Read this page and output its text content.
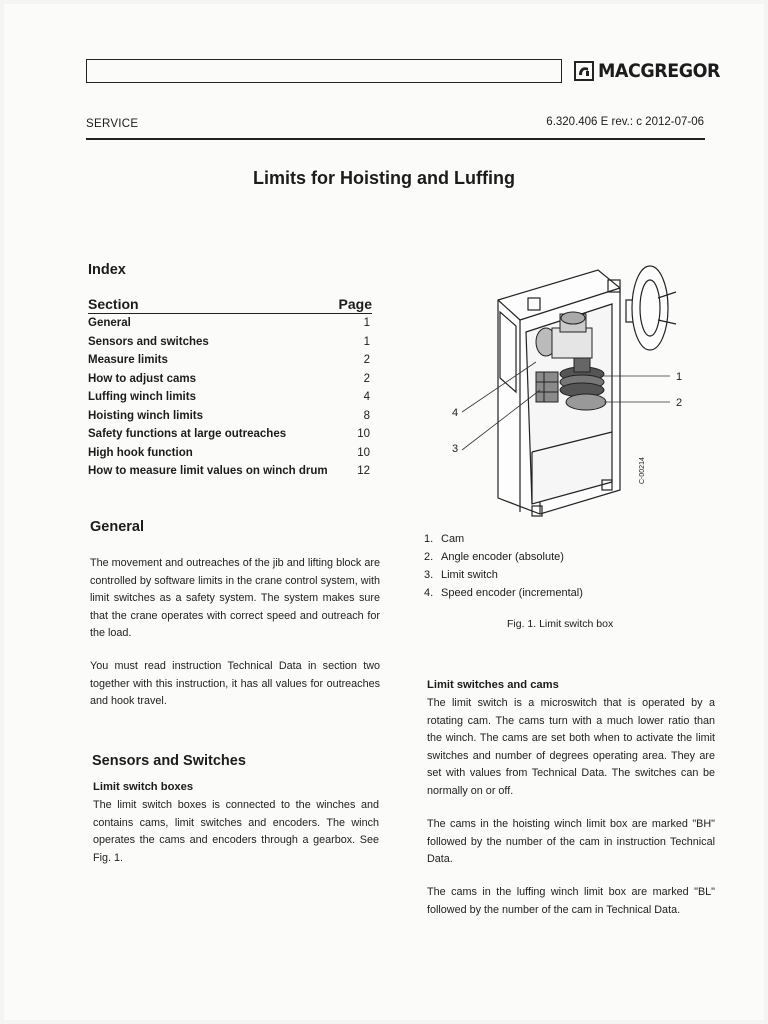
MACGREGOR
SERVICE	6.320.406 E rev.: c 2012-07-06
Limits for Hoisting and Luffing
Index
Section	Page
General	1
Sensors and switches	1
Measure limits	2
How to adjust cams	2
Luffing winch limits	4
Hoisting winch limits	8
Safety functions at large outreaches	10
High hook function	10
How to measure limit values on winch drum	12
General

The movement and outreaches of the jib and lifting block are controlled by software limits in the crane control system, with limit switches as a safety system. The system makes sure that the crane operates with correct speed and outreach for the load.

You must read instruction Technical Data in section two together with this instruction, it has all values for outreaches and hook travel.

Sensors and Switches
Limit switch boxes

The limit switch boxes is connected to the winches and contains cams, limit switches and encoders. The winch operates the cams and encoders through a gearbox. See Fig. 1.

1
2
3
4
C-00214
1. Cam
2. Angle encoder (absolute)
3. Limit switch
4. Speed encoder (incremental)
Fig. 1. Limit switch box
Limit switches and cams

The limit switch is a microswitch that is operated by a rotating cam. The cams turn with a much lower ratio than the winch. The cams are set both when to activate the limit switches and number of degrees operating area. They are set with values from Technical Data. The switches can be normally on or off.

The cams in the hoisting winch limit box are marked "BH" followed by the number of the cam in instruction Technical Data.

The cams in the luffing winch limit box are marked "BL" followed by the number of the cam in Technical Data.
